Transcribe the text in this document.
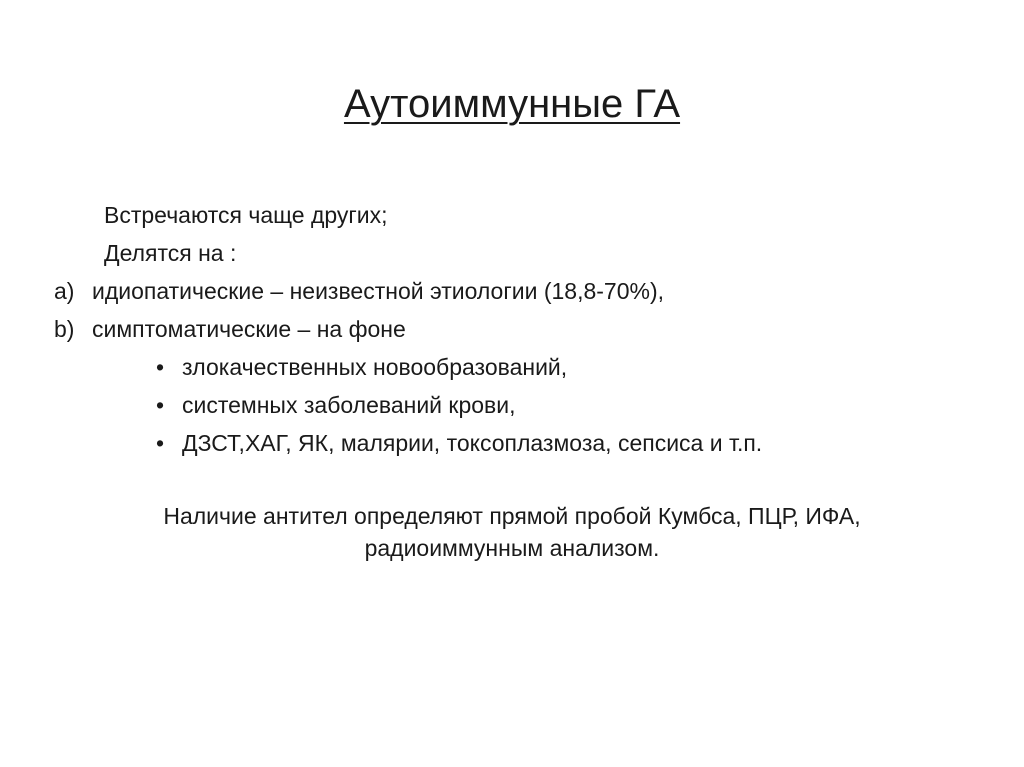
Аутоиммунные ГА
Встречаются чаще других;
Делятся на :
a) идиопатические – неизвестной этиологии (18,8-70%),
b) симптоматические – на фоне
• злокачественных новообразований,
• системных заболеваний крови,
• ДЗСТ,ХАГ, ЯК, малярии, токсоплазмоза, сепсиса и т.п.
Наличие антител определяют прямой пробой Кумбса, ПЦР, ИФА,
радиоиммунным анализом.
